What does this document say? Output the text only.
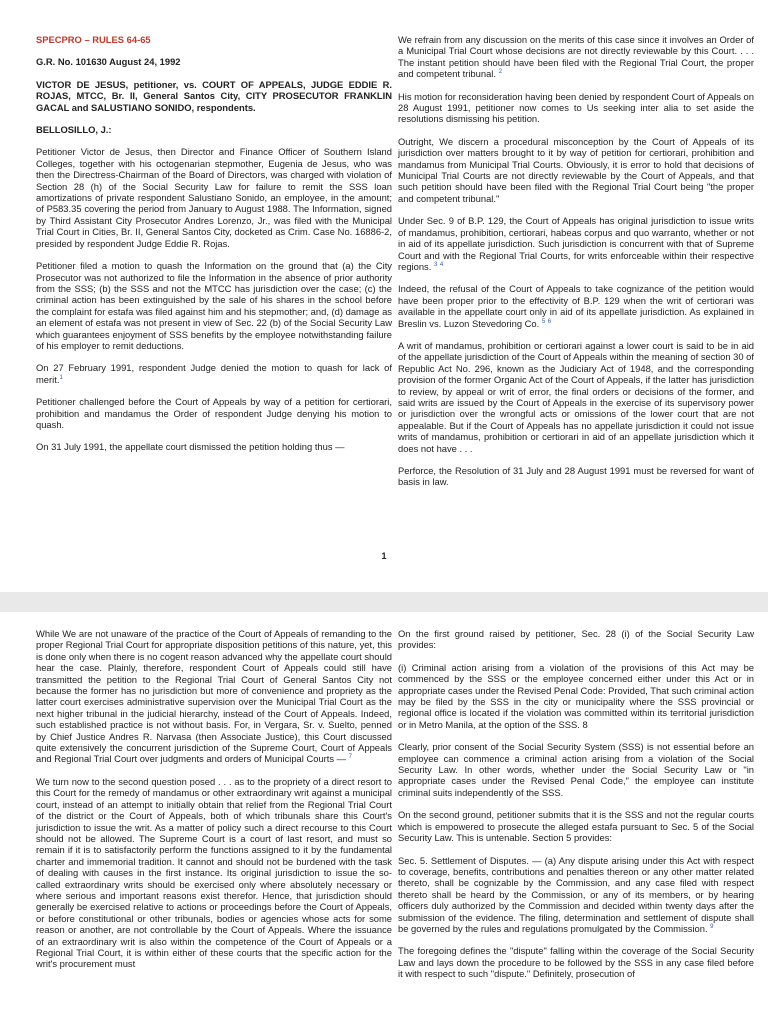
SPECPRO – RULES 64-65

G.R. No. 101630 August 24, 1992

VICTOR DE JESUS, petitioner, vs. COURT OF APPEALS, JUDGE EDDIE R. ROJAS, MTCC, Br. II, General Santos City, CITY PROSECUTOR FRANKLIN GACAL and SALUSTIANO SONIDO, respondents.

BELLOSILLO, J.:

Petitioner Victor de Jesus, then Director and Finance Officer of Southern Island Colleges, together with his octogenarian stepmother, Eugenia de Jesus, who was then the Directress-Chairman of the Board of Directors, was charged with violation of Section 28 (h) of the Social Security Law for failure to remit the SSS loan amortizations of private respondent Salustiano Sonido, an employee, in the amount; of P583.35 covering the period from January to August 1988. The Information, signed by Third Assistant City Prosecutor Andres Lorenzo, Jr., was filed with the Municipal Trial Court in Cities, Br. II, General Santos City, docketed as Crim. Case No. 16886-2, presided by respondent Judge Eddie R. Rojas.

Petitioner filed a motion to quash the Information on the ground that (a) the City Prosecutor was not authorized to file the Information in the absence of prior authority from the SSS; (b) the SSS and not the MTCC has jurisdiction over the case; (c) the criminal action has been extinguished by the sale of his shares in the school before the complaint for estafa was filed against him and his stepmother; and, (d) damage as an element of estafa was not present in view of Sec. 22 (b) of the Social Security Law which guarantees enjoyment of SSS benefits by the employee notwithstanding failure of his employer to remit deductions.

On 27 February 1991, respondent Judge denied the motion to quash for lack of merit.$^1$

Petitioner challenged before the Court of Appeals by way of a petition for certiorari, prohibition and mandamus the Order of respondent Judge denying his motion to quash.

On 31 July 1991, the appellate court dismissed the petition holding thus —

We refrain from any discussion on the merits of this case since it involves an Order of a Municipal Trial Court whose decisions are not directly reviewable by this Court. . . . The instant petition should have been filed with the Regional Trial Court, the proper and competent tribunal. $^2$

His motion for reconsideration having been denied by respondent Court of Appeals on 28 August 1991, petitioner now comes to Us seeking inter alia to set aside the resolutions dismissing his petition.

Outright, We discern a procedural misconception by the Court of Appeals of its jurisdiction over matters brought to it by way of petition for certiorari, prohibition and mandamus from Municipal Trial Courts. Obviously, it is error to hold that decisions of Municipal Trial Courts are not directly reviewable by the Court of Appeals, and that such petition should have been filed with the Regional Trial Court being "the proper and competent tribunal."

Under Sec. 9 of B.P. 129, the Court of Appeals has original jurisdiction to issue writs of mandamus, prohibition, certiorari, habeas corpus and quo warranto, whether or not in aid of its appellate jurisdiction. Such jurisdiction is concurrent with that of Supreme Court and with the Regional Trial Courts, for writs enforceable within their respective regions. $^3$ $^4$

Indeed, the refusal of the Court of Appeals to take cognizance of the petition would have been proper prior to the effectivity of B.P. 129 when the writ of certiorari was available in the appellate court only in aid of its appellate jurisdiction. As explained in Breslin vs. Luzon Stevedoring Co. $^5$ $^6$

A writ of mandamus, prohibition or certiorari against a lower court is said to be in aid of the appellate jurisdiction of the Court of Appeals within the meaning of section 30 of Republic Act No. 296, known as the Judiciary Act of 1948, and the corresponding provision of the former Organic Act of the Court of Appeals, if the latter has jurisdiction to review, by appeal or writ of error, the final orders or decisions of the former, and said writs are issued by the Court of Appeals in the exercise of its supervisory power or jurisdiction over the wrongful acts or omissions of the lower court that are not appealable. But if the Court of Appeals has no appellate jurisdiction it could not issue writs of mandamus, prohibition or certiorari in aid of an appellate jurisdiction which it does not have . . .

Perforce, the Resolution of 31 July and 28 August 1991 must be reversed for want of basis in law.

1

While We are not unaware of the practice of the Court of Appeals of remanding to the proper Regional Trial Court for appropriate disposition petitions of this nature, yet, this is done only when there is no cogent reason advanced why the appellate court should hear the case. Plainly, therefore, respondent Court of Appeals could still have transmitted the petition to the Regional Trial Court of General Santos City not because the former has no jurisdiction but more of convenience and propriety as the latter court exercises administrative supervision over the Municipal Trial Court as the next higher tribunal in the judicial hierarchy, instead of the Court of Appeals. Indeed, such established practice is not without basis. For, in Vergara, Sr. v. Suelto, penned by Chief Justice Andres R. Narvasa (then Associate Justice), this Court discussed quite extensively the concurrent jurisdiction of the Supreme Court, Court of Appeals and Regional Trial Court over judgments and orders of Municipal Courts — $^7$

We turn now to the second question posed . . . as to the propriety of a direct resort to this Court for the remedy of mandamus or other extraordinary writ against a municipal court, instead of an attempt to initially obtain that relief from the Regional Trial Court of the district or the Court of Appeals, both of which tribunals share this Court's jurisdiction to issue the writ. As a matter of policy such a direct recourse to this Court should not be allowed. The Supreme Court is a court of last resort, and must so remain if it is to satisfactorily perform the functions assigned to it by the fundamental charter and immemorial tradition. It cannot and should not be burdened with the task of dealing with causes in the first instance. Its original jurisdiction to issue the so-called extraordinary writs should be exercised only where absolutely necessary or where serious and important reasons exist therefor. Hence, that jurisdiction should generally be exercised relative to actions or proceedings before the Court of Appeals, or before constitutional or other tribunals, bodies or agencies whose acts for some reason or another, are not controllable by the Court of Appeals. Where the issuance of an extraordinary writ is also within the competence of the Court of Appeals or a Regional Trial Court, it is within either of these courts that the specific action for the writ's procurement must

On the first ground raised by petitioner, Sec. 28 (i) of the Social Security Law provides:

(i) Criminal action arising from a violation of the provisions of this Act may be commenced by the SSS or the employee concerned either under this Act or in appropriate cases under the Revised Penal Code: Provided, That such criminal action may be filed by the SSS in the city or municipality where the SSS provincial or regional office is located if the violation was committed within its territorial jurisdiction or in Metro Manila, at the option of the SSS. 8

Clearly, prior consent of the Social Security System (SSS) is not essential before an employee can commence a criminal action arising from a violation of the Social Security Law. In other words, whether under the Social Security Law or "in appropriate cases under the Revised Penal Code," the employee can institute criminal suits independently of the SSS.

On the second ground, petitioner submits that it is the SSS and not the regular courts which is empowered to prosecute the alleged estafa pursuant to Sec. 5 of the Social Security Law. This is untenable. Section 5 provides:

Sec. 5. Settlement of Disputes. — (a) Any dispute arising under this Act with respect to coverage, benefits, contributions and penalties thereon or any other matter related thereto, shall be cognizable by the Commission, and any case filed with respect thereto shall be heard by the Commission, or any of its members, or by hearing officers duly authorized by the Commission and decided within twenty days after the submission of the evidence. The filing, determination and settlement of dispute shall be governed by the rules and regulations promulgated by the Commission. $^9$

The foregoing defines the "dispute" falling within the coverage of the Social Security Law and lays down the procedure to be followed by the SSS in any case filed before it with respect to such "dispute." Definitely, prosecution of
